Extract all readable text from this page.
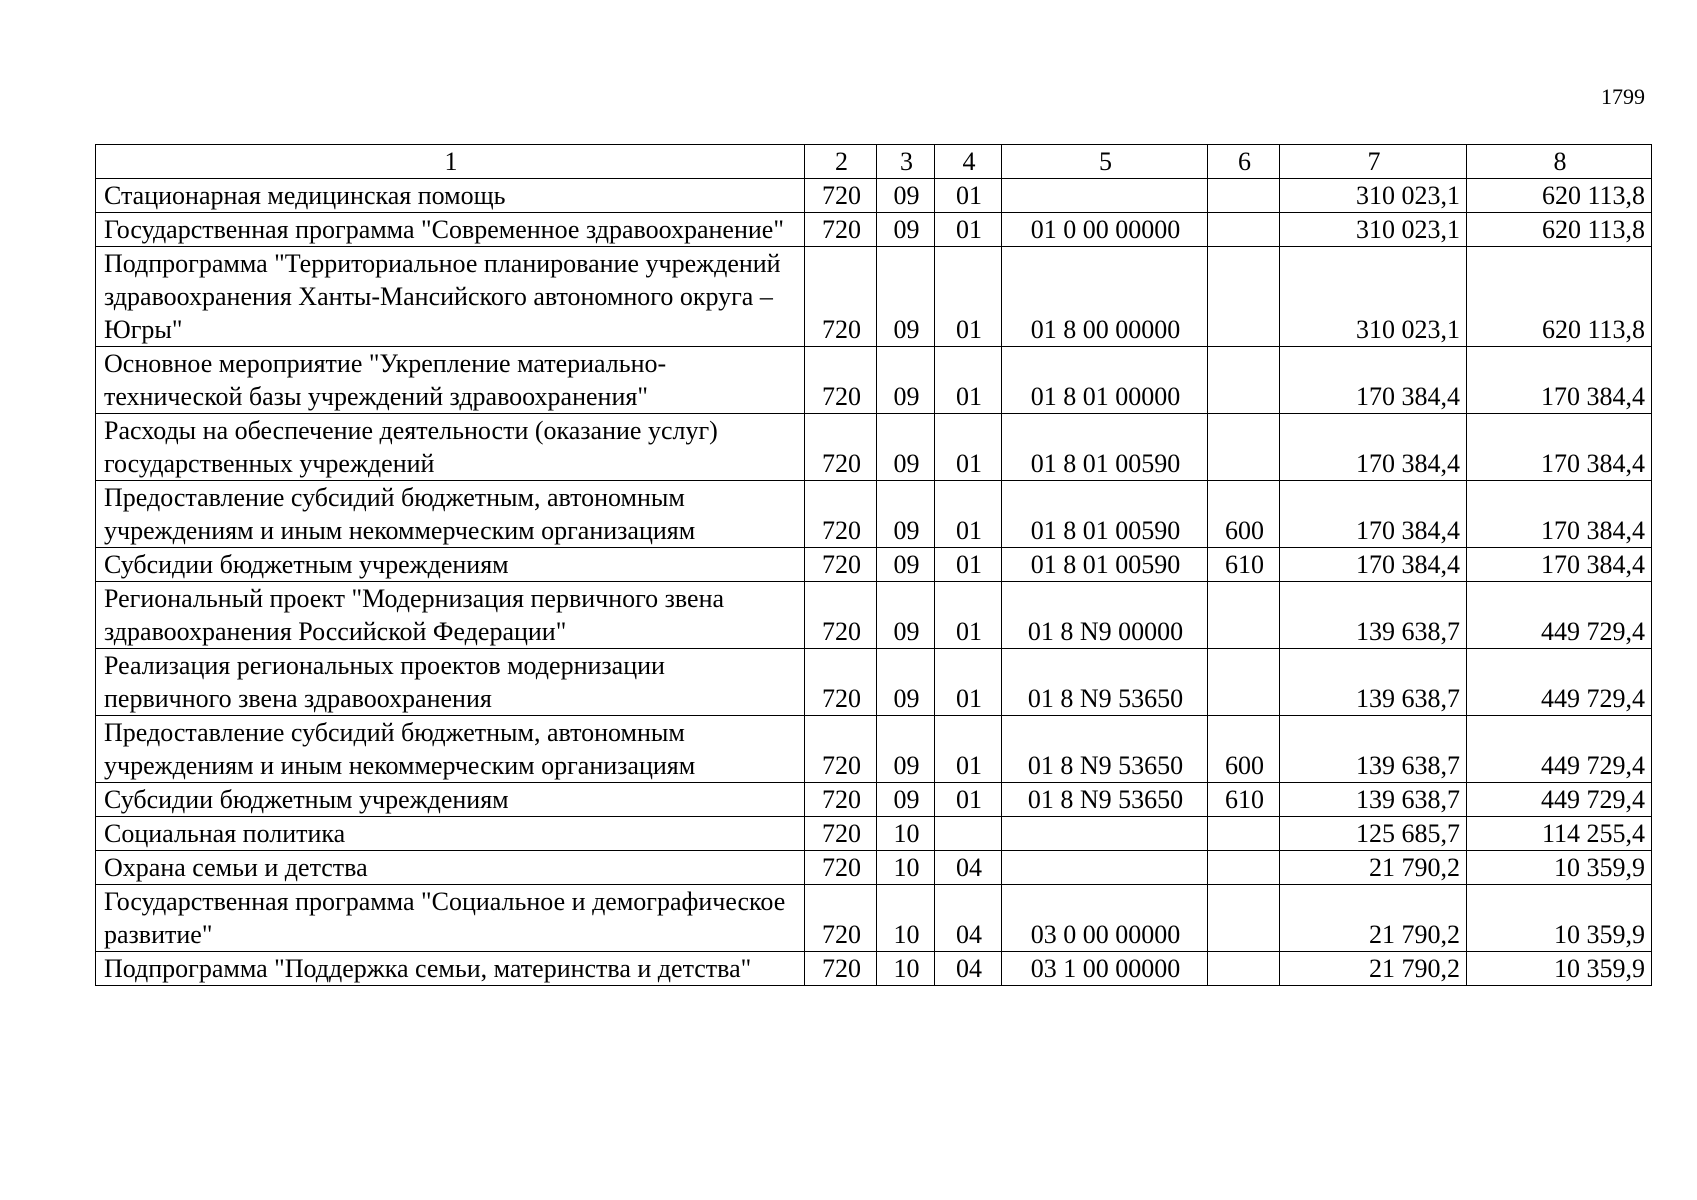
1799
1	2	3	4	5	6	7	8
Стационарная медицинская помощь	720	09	01			310 023,1	620 113,8
Государственная программа "Современное здравоохранение"	720	09	01	01 0 00 00000		310 023,1	620 113,8
Подпрограмма "Территориальное планирование учреждений здравоохранения Ханты-Мансийского автономного округа – Югры"	720	09	01	01 8 00 00000		310 023,1	620 113,8
Основное мероприятие "Укрепление материально-технической базы учреждений здравоохранения"	720	09	01	01 8 01 00000		170 384,4	170 384,4
Расходы на обеспечение деятельности (оказание услуг) государственных учреждений	720	09	01	01 8 01 00590		170 384,4	170 384,4
Предоставление субсидий бюджетным, автономным учреждениям и иным некоммерческим организациям	720	09	01	01 8 01 00590	600	170 384,4	170 384,4
Субсидии бюджетным учреждениям	720	09	01	01 8 01 00590	610	170 384,4	170 384,4
Региональный проект "Модернизация первичного звена здравоохранения Российской Федерации"	720	09	01	01 8 N9 00000		139 638,7	449 729,4
Реализация региональных проектов модернизации первичного звена здравоохранения	720	09	01	01 8 N9 53650		139 638,7	449 729,4
Предоставление субсидий бюджетным, автономным учреждениям и иным некоммерческим организациям	720	09	01	01 8 N9 53650	600	139 638,7	449 729,4
Субсидии бюджетным учреждениям	720	09	01	01 8 N9 53650	610	139 638,7	449 729,4
Социальная политика	720	10				125 685,7	114 255,4
Охрана семьи и детства	720	10	04			21 790,2	10 359,9
Государственная программа "Социальное и демографическое развитие"	720	10	04	03 0 00 00000		21 790,2	10 359,9
Подпрограмма "Поддержка семьи, материнства и детства"	720	10	04	03 1 00 00000		21 790,2	10 359,9
